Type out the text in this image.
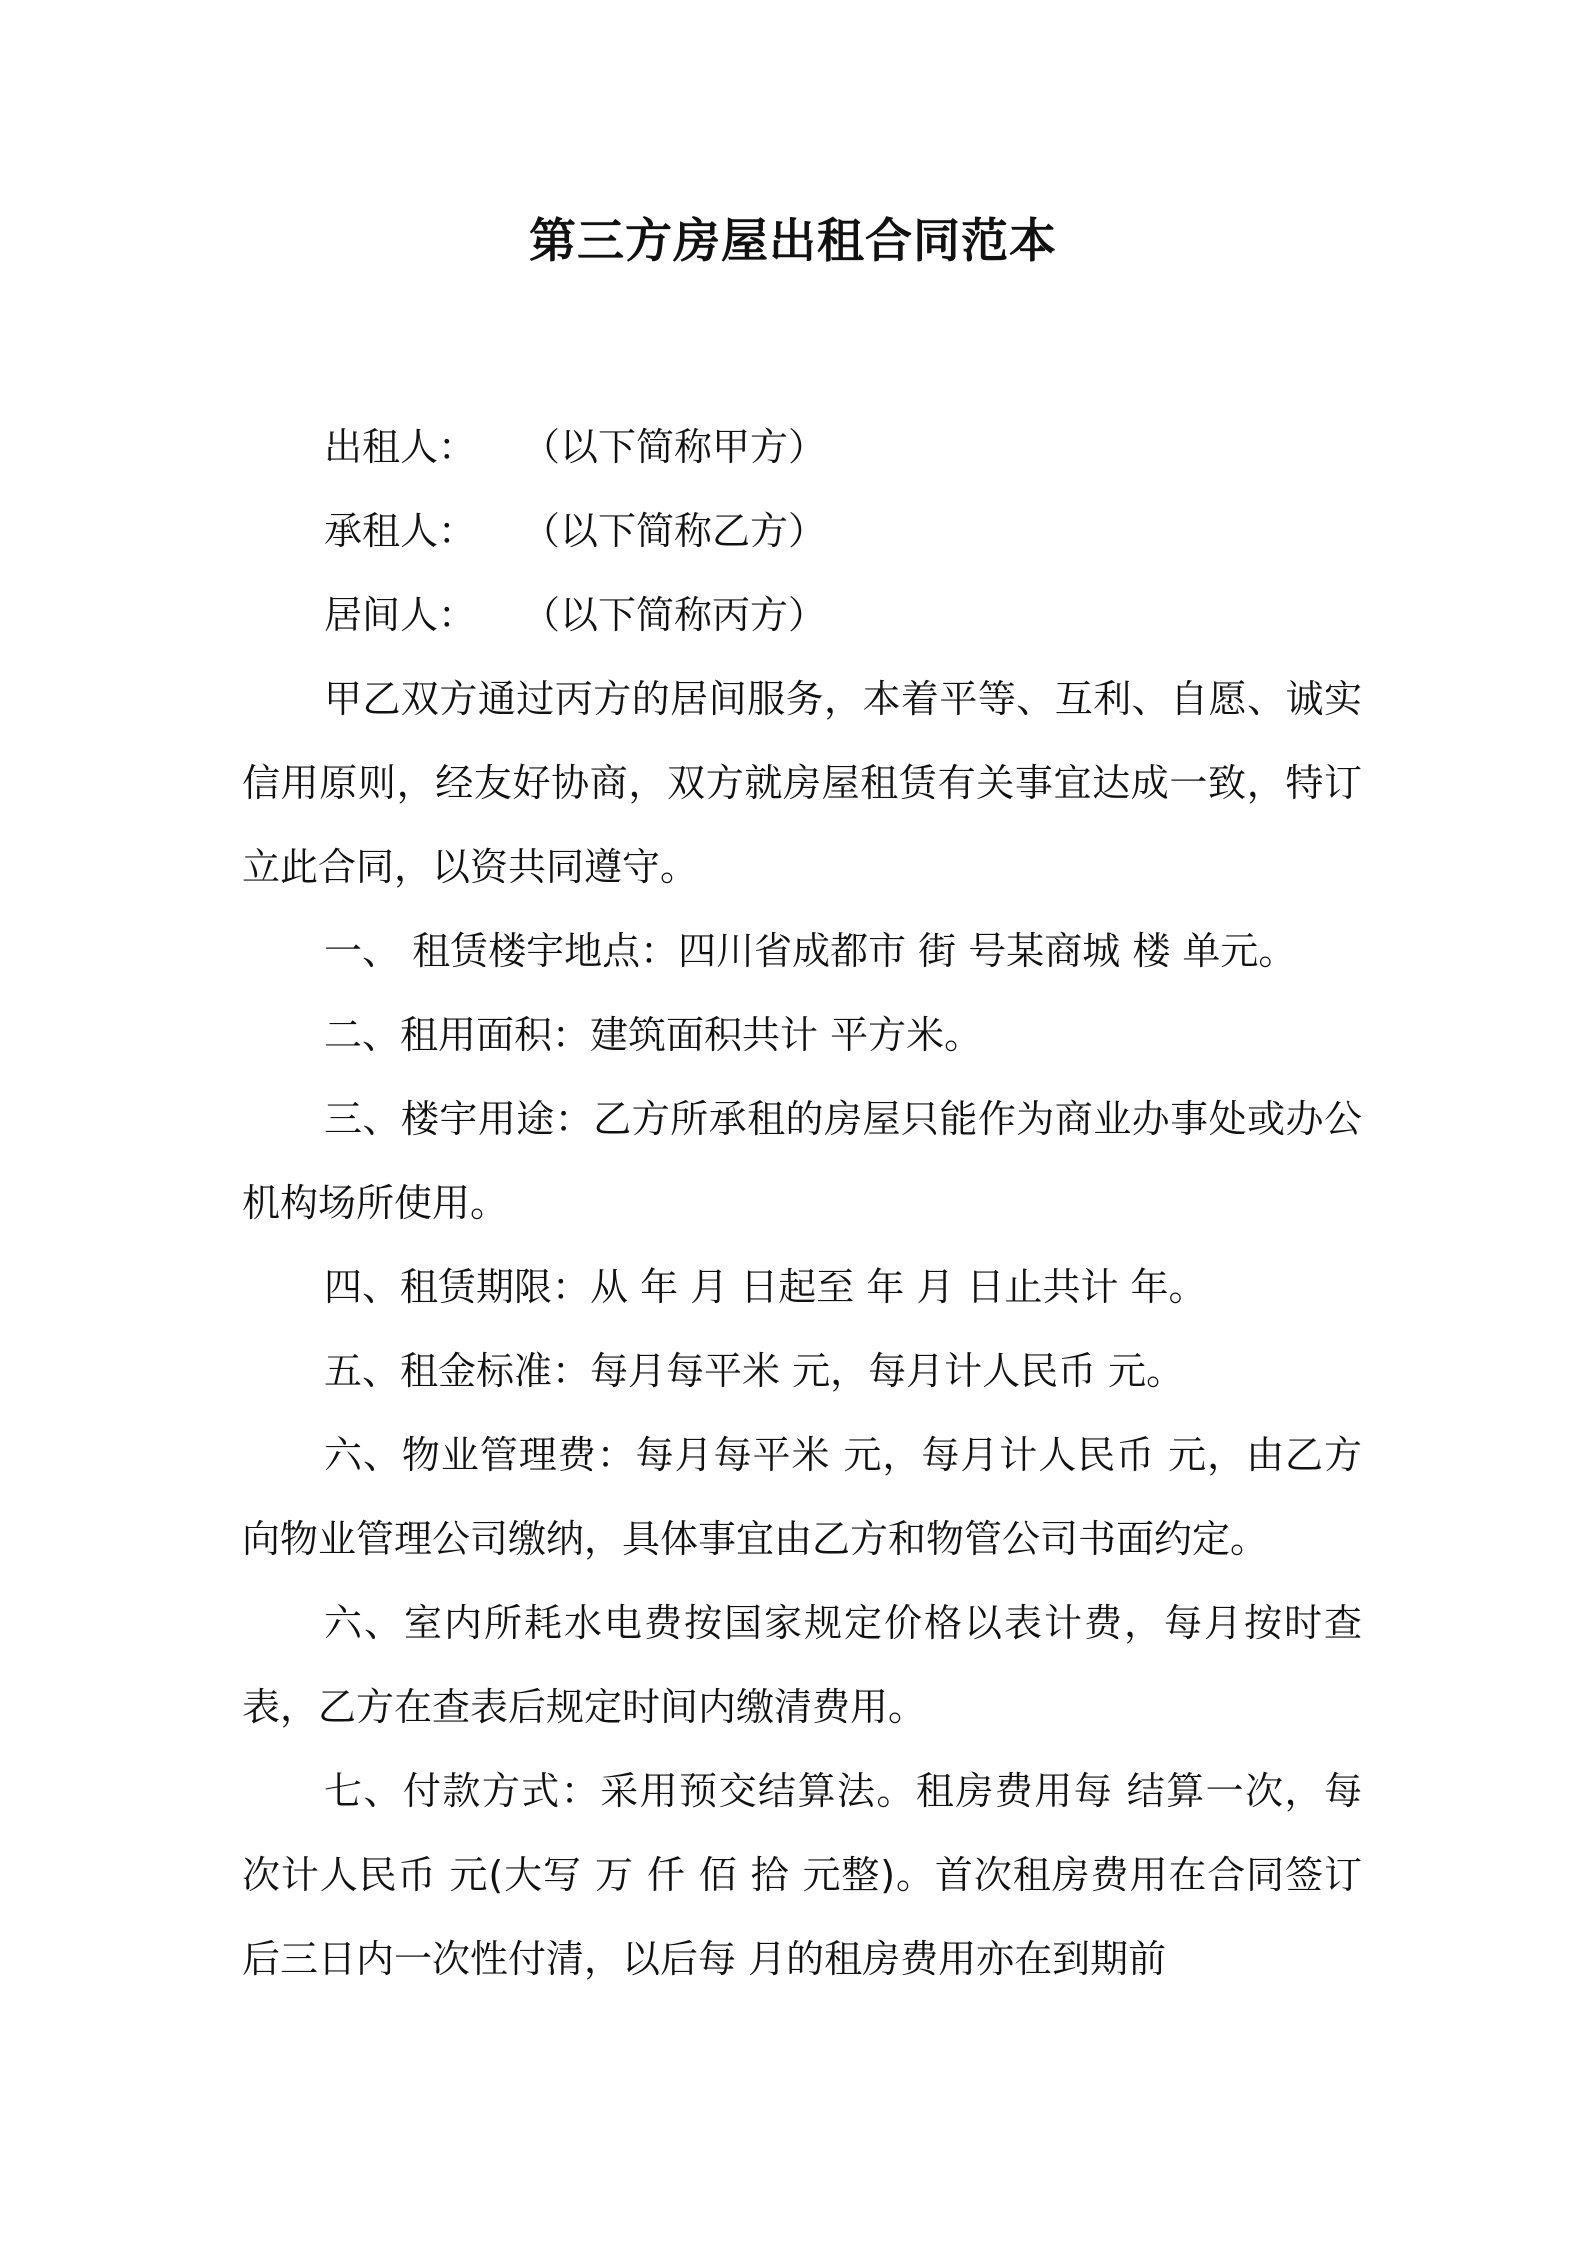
第三方房屋出租合同范本
出租人： （以下简称甲方）
承租人： （以下简称乙方）
居间人： （以下简称丙方）

甲乙双方通过丙方的居间服务，本着平等、互利、自愿、诚实信用原则，经友好协商，双方就房屋租赁有关事宜达成一致，特订立此合同，以资共同遵守。

一、 租赁楼宇地点：四川省成都市 街 号某商城 楼 单元。

二、租用面积：建筑面积共计 平方米。

三、楼宇用途：乙方所承租的房屋只能作为商业办事处或办公机构场所使用。

四、租赁期限：从 年 月 日起至 年 月 日止共计 年。

五、租金标准：每月每平米 元，每月计人民币 元。

六、物业管理费：每月每平米 元，每月计人民币 元，由乙方向物业管理公司缴纳，具体事宜由乙方和物管公司书面约定。

六、室内所耗水电费按国家规定价格以表计费，每月按时查表，乙方在查表后规定时间内缴清费用。

七、付款方式：采用预交结算法。租房费用每 结算一次，每次计人民币 元(大写 万 仟 佰 拾 元整)。首次租房费用在合同签订后三日内一次性付清，以后每 月的租房费用亦在到期前
